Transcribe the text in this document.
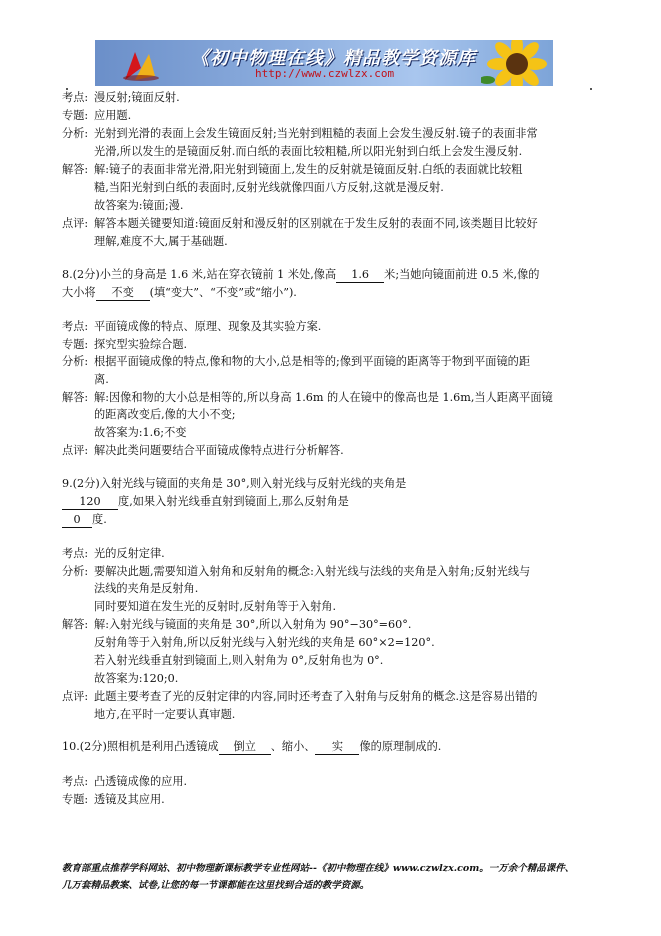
《初中物理在线》精品教学资源库
http://www.czwlzx.com
考点: 漫反射;镜面反射.
专题: 应用题.
分析: 光射到光滑的表面上会发生镜面反射;当光射到粗糙的表面上会发生漫反射.镜子的表面非常
光滑,所以发生的是镜面反射.而白纸的表面比较粗糙,所以阳光射到白纸上会发生漫反射.
解答: 解:镜子的表面非常光滑,阳光射到镜面上,发生的反射就是镜面反射.白纸的表面就比较粗
糙,当阳光射到白纸的表面时,反射光线就像四面八方反射,这就是漫反射.
故答案为:镜面;漫.
点评: 解答本题关键要知道:镜面反射和漫反射的区别就在于发生反射的表面不同,该类题目比较好
理解,难度不大,属于基础题.
8.(2分)小兰的身高是 1.6 米,站在穿衣镜前 1 米处,像高 1.6 米;当她向镜面前进 0.5 米,像的
大小将 不变 (填“变大”、“不变”或“缩小”).
考点: 平面镜成像的特点、原理、现象及其实验方案.
专题: 探究型实验综合题.
分析: 根据平面镜成像的特点,像和物的大小,总是相等的;像到平面镜的距离等于物到平面镜的距
离.
解答: 解:因像和物的大小总是相等的,所以身高 1.6m 的人在镜中的像高也是 1.6m,当人距离平面镜
的距离改变后,像的大小不变;
故答案为:1.6;不变
点评: 解决此类问题要结合平面镜成像特点进行分析解答.
9.(2分)入射光线与镜面的夹角是 30°,则入射光线与反射光线的夹角是
120 度,如果入射光线垂直射到镜面上,那么反射角是
0 度.
考点: 光的反射定律.
分析: 要解决此题,需要知道入射角和反射角的概念:入射光线与法线的夹角是入射角;反射光线与
法线的夹角是反射角.
同时要知道在发生光的反射时,反射角等于入射角.
解答: 解:入射光线与镜面的夹角是 30°,所以入射角为 90°−30°=60°.
反射角等于入射角,所以反射光线与入射光线的夹角是 60°×2=120°.
若入射光线垂直射到镜面上,则入射角为 0°,反射角也为 0°.
故答案为:120;0.
点评: 此题主要考查了光的反射定律的内容,同时还考查了入射角与反射角的概念.这是容易出错的
地方,在平时一定要认真审题.
10.(2分)照相机是利用凸透镜成 倒立 、缩小、 实 像的原理制成的.
考点: 凸透镜成像的应用.
专题: 透镜及其应用.
教育部重点推荐学科网站、初中物理新课标教学专业性网站--《初中物理在线》www.czwlzx.com。一万余个精品课件、
几万套精品教案、试卷,让您的每一节课都能在这里找到合适的教学资源。
